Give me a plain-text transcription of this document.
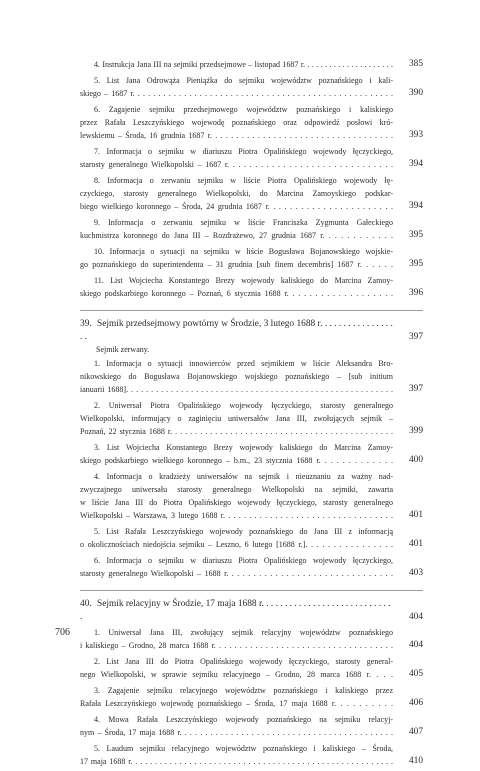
4. Instrukcja Jana III na sejmiki przedsejmowe – listopad 1687 r. . . . . . . . . . . . . . . . . . . . . 385
5. List Jana Odrowąża Pieniążka do sejmiku województw poznańskiego i kali-
skiego – 1687 r. . . . . . . . . . . . . . . . . . . . . . . . . . . . . . . . . . . . . . . . . . . . . . . . . . . 390
6. Zagajenie sejmiku przedsejmowego województw poznańskiego i kaliskiego
przez Rafała Leszczyńskiego wojewodę poznańskiego oraz odpowiedź posłowi kró-
lewskiemu – Środa, 16 grudnia 1687 r. . . . . . . . . . . . . . . . . . . . . . . . . . . . . . . . . . . 393
7. Informacja o sejmiku w diariuszu Piotra Opalińskiego wojewody łęczyckiego,
starosty generalnego Wielkopolski – 1687 r. . . . . . . . . . . . . . . . . . . . . . . . . . . . . . 394
8. Informacja o zerwaniu sejmiku w liście Piotra Opalińskiego wojewody łę-
czyckiego, starosty generalnego Wielkopolski, do Marcina Zamoyskiego podskar-
biego wielkiego koronnego – Środa, 24 grudnia 1687 r. . . . . . . . . . . . . . . . . . . . . . . 394
9. Informacja o zerwaniu sejmiku w liście Franciszka Zygmunta Gałeckiego
kuchmistrza koronnego do Jana III – Rozdrażewo, 27 grudnia 1687 r. . . . . . . . . . . . 395
10. Informacja o sytuacji na sejmiku w liście Bogusława Bojanowskiego wojskie-
go poznańskiego do superintendenta – 31 grudnia [sub finem decembris] 1687 r. . . . . . 395
11. List Wojciecha Konstantego Brezy wojewody kaliskiego do Marcina Zamoy-
skiego podskarbiego koronnego – Poznań, 6 stycznia 1688 r. . . . . . . . . . . . . . . . . . . 396
39. Sejmik przedsejmowy powtórny w Środzie, 3 lutego 1688 r. . . . . . . . . . . . . . . . . .	397
Sejmik zerwany.
1. Informacja o sytuacji innowierców przed sejmikiem w liście Aleksandra Bro-
nikowskiego do Bogusława Bojanowskiego wojskiego poznańskiego – [sub initium
ianuarii 1688]. . . . . . . . . . . . . . . . . . . . . . . . . . . . . . . . . . . . . . . . . . . . . . . . . . . . . . 397
2. Uniwersał Piotra Opalińskiego wojewody łęczyckiego, starosty generalnego
Wielkopolski, informujący o zaginięciu uniwersałów Jana III, zwołujących sejmik –
Poznań, 22 stycznia 1688 r. . . . . . . . . . . . . . . . . . . . . . . . . . . . . . . . . . . . . . . . . . . . . 399
3. List Wojciecha Konstantego Brezy wojewody kaliskiego do Marcina Zamoy-
skiego podskarbiego wielkiego koronnego – b.m., 23 stycznia 1688 r. . . . . . . . . . . . . 400
4. Informacja o kradzieży uniwersałów na sejmik i nieuznaniu za ważny nad-
zwyczajnego uniwersału starosty generalnego Wielkopolski na sejmiki, zawarta
w liście Jana III do Piotra Opalińskiego wojewody łęczyckiego, starosty generalnego
Wielkopolski – Warszawa, 3 lutego 1688 r. . . . . . . . . . . . . . . . . . . . . . . . . . . . . . . . . 401
5. List Rafała Leszczyńskiego wojewody poznańskiego do Jana III z informacją
o okolicznościach niedojścia sejmiku – Leszno, 6 lutego [1688 r.]. . . . . . . . . . . . . . . . 401
6. Informacja o sejmiku w diariuszu Piotra Opalińskiego wojewody łęczyckiego,
starosty generalnego Wielkopolski – 1688 r. . . . . . . . . . . . . . . . . . . . . . . . . . . . . . . 403
40. Sejmik relacyjny w Środzie, 17 maja 1688 r. . . . . . . . . . . . . . . . . . . . . . . . . . . . .	404
1. Uniwersał Jana III, zwołujący sejmik relacyjny województw poznańskiego
i kaliskiego – Grodno, 28 marca 1688 r. . . . . . . . . . . . . . . . . . . . . . . . . . . . . . . . . . . 404
2. List Jana III do Piotra Opalińskiego wojewody łęczyckiego, starosty general-
nego Wielkopolski, w sprawie sejmiku relacyjnego – Grodno, 28 marca 1688 r. . . . 405
3. Zagajenie sejmiku relacyjnego województw poznańskiego i kaliskiego przez
Rafała Leszczyńskiego wojewodę poznańskiego – Środa, 17 maja 1688 r. . . . . . . . . . 406
4. Mowa Rafała Leszczyńskiego wojewody poznańskiego na sejmiku relacyj-
nym – Środa, 17 maja 1688 r. . . . . . . . . . . . . . . . . . . . . . . . . . . . . . . . . . . . . . . . . . 407
5. Laudum sejmiku relacyjnego województw poznańskiego i kaliskiego – Środa,
17 maja 1688 r. . . . . . . . . . . . . . . . . . . . . . . . . . . . . . . . . . . . . . . . . . . . . . . . . . . . . . 410
706
